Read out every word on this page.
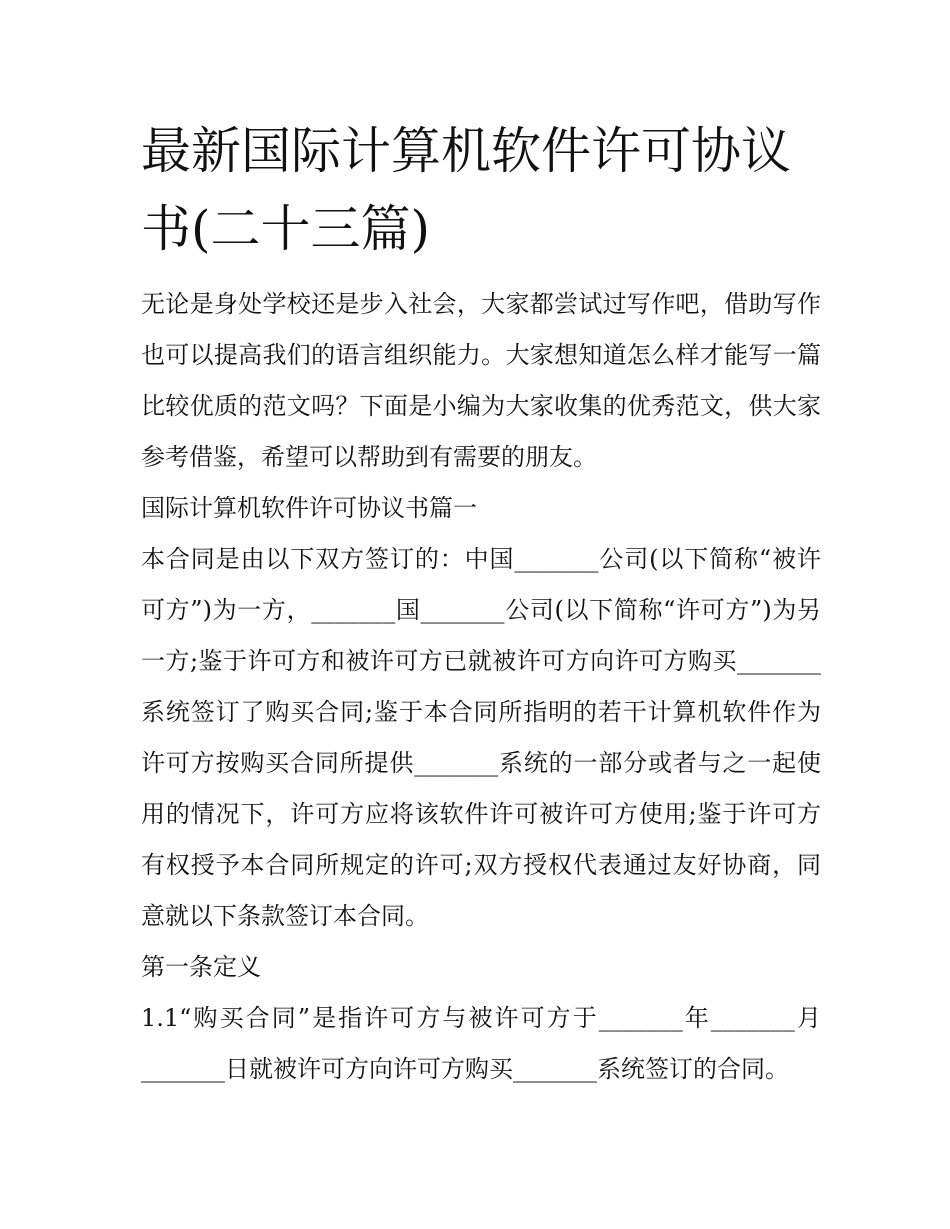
最新国际计算机软件许可协议书(二十三篇)

无论是身处学校还是步入社会，大家都尝试过写作吧，借助写作也可以提高我们的语言组织能力。大家想知道怎么样才能写一篇比较优质的范文吗？下面是小编为大家收集的优秀范文，供大家参考借鉴，希望可以帮助到有需要的朋友。

国际计算机软件许可协议书篇一

本合同是由以下双方签订的：中国_______公司(以下简称“被许可方”)为一方，_______国_______公司(以下简称“许可方”)为另一方;鉴于许可方和被许可方已就被许可方向许可方购买_______系统签订了购买合同;鉴于本合同所指明的若干计算机软件作为许可方按购买合同所提供_______系统的一部分或者与之一起使用的情况下，许可方应将该软件许可被许可方使用;鉴于许可方有权授予本合同所规定的许可;双方授权代表通过友好协商，同意就以下条款签订本合同。

第一条定义

1.1“购买合同”是指许可方与被许可方于_______年_______月_______日就被许可方向许可方购买_______系统签订的合同。
